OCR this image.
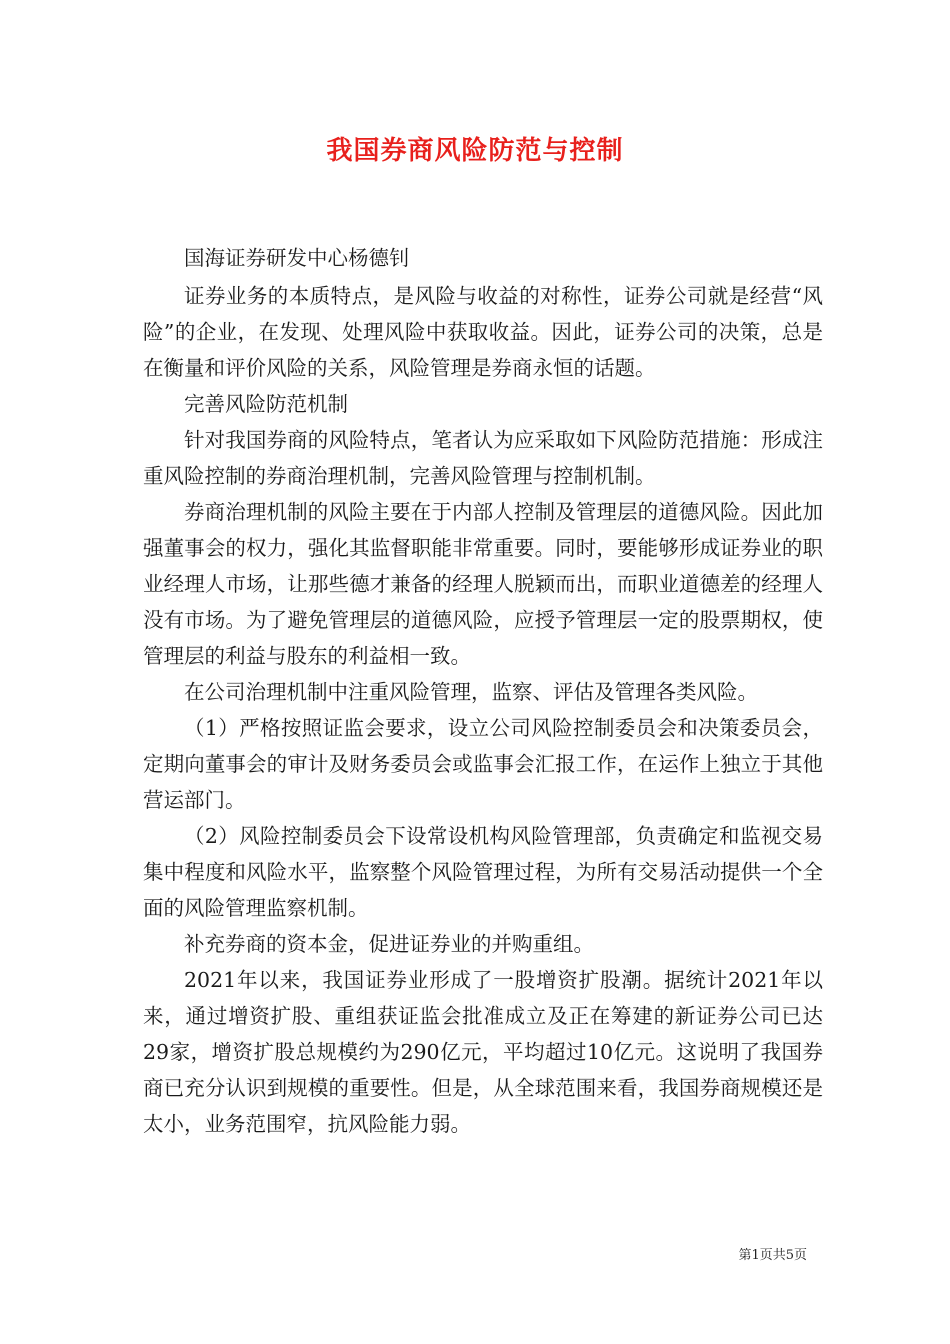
我国券商风险防范与控制

国海证券研发中心杨德钊

证券业务的本质特点，是风险与收益的对称性，证券公司就是经营“风险”的企业，在发现、处理风险中获取收益。因此，证券公司的决策，总是在衡量和评价风险的关系，风险管理是券商永恒的话题。

完善风险防范机制

针对我国券商的风险特点，笔者认为应采取如下风险防范措施：形成注重风险控制的券商治理机制，完善风险管理与控制机制。

券商治理机制的风险主要在于内部人控制及管理层的道德风险。因此加强董事会的权力，强化其监督职能非常重要。同时，要能够形成证券业的职业经理人市场，让那些德才兼备的经理人脱颖而出，而职业道德差的经理人没有市场。为了避免管理层的道德风险，应授予管理层一定的股票期权，使管理层的利益与股东的利益相一致。

在公司治理机制中注重风险管理，监察、评估及管理各类风险。

（1）严格按照证监会要求，设立公司风险控制委员会和决策委员会，定期向董事会的审计及财务委员会或监事会汇报工作，在运作上独立于其他营运部门。

（2）风险控制委员会下设常设机构风险管理部，负责确定和监视交易集中程度和风险水平，监察整个风险管理过程，为所有交易活动提供一个全面的风险管理监察机制。

补充券商的资本金，促进证券业的并购重组。

2021年以来，我国证券业形成了一股增资扩股潮。据统计2021年以来，通过增资扩股、重组获证监会批准成立及正在筹建的新证券公司已达29家，增资扩股总规模约为290亿元，平均超过10亿元。这说明了我国券商已充分认识到规模的重要性。但是，从全球范围来看，我国券商规模还是太小，业务范围窄，抗风险能力弱。

第1页共5页
